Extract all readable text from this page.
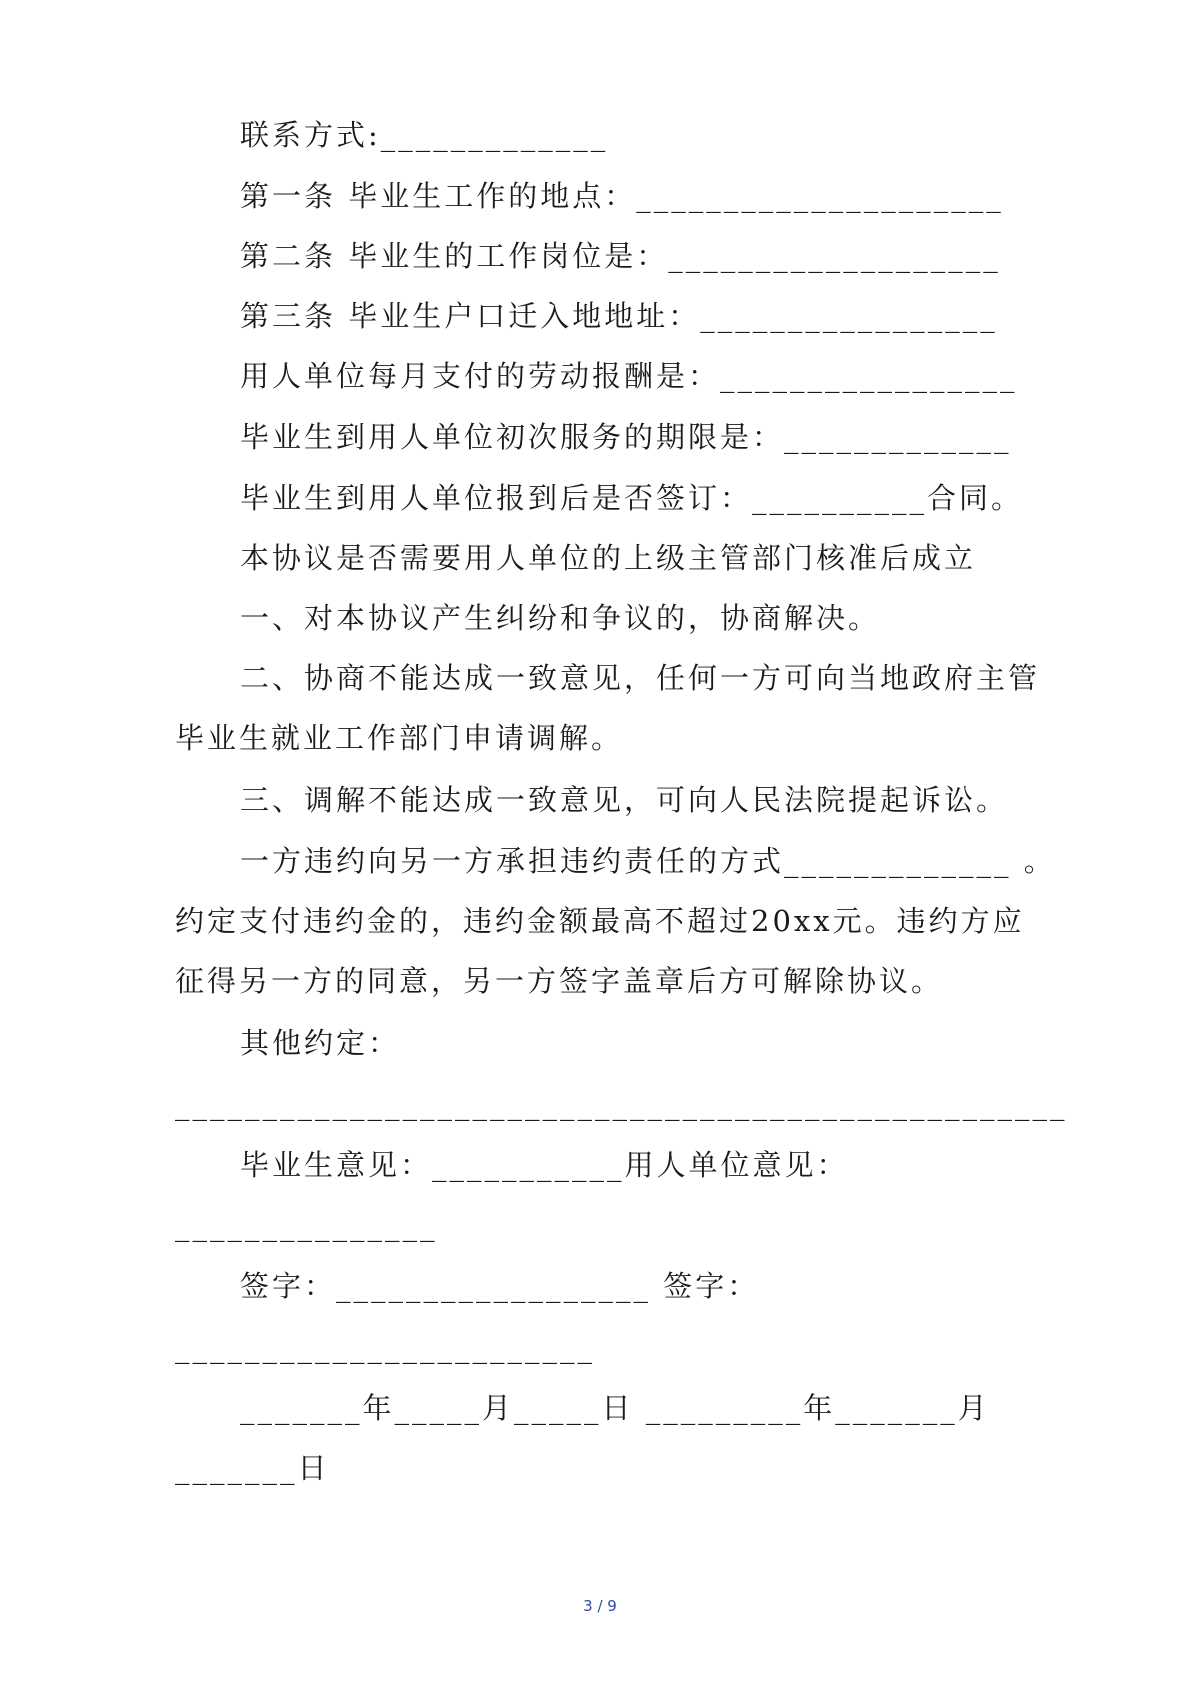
联系方式:_____________
第一条 毕业生工作的地点：_____________________
第二条 毕业生的工作岗位是：___________________
第三条 毕业生户口迁入地地址：_________________
用人单位每月支付的劳动报酬是：_________________
毕业生到用人单位初次服务的期限是：_____________
毕业生到用人单位报到后是否签订：__________合同。
本协议是否需要用人单位的上级主管部门核准后成立
一、对本协议产生纠纷和争议的，协商解决。
二、协商不能达成一致意见，任何一方可向当地政府主管
毕业生就业工作部门申请调解。
三、调解不能达成一致意见，可向人民法院提起诉讼。
一方违约向另一方承担违约责任的方式_____________ 。
约定支付违约金的，违约金额最高不超过20xx元。违约方应
征得另一方的同意，另一方签字盖章后方可解除协议。
其他约定：
___________________________________________________
毕业生意见：___________用人单位意见：
_______________
签字：__________________ 签字：
________________________
_______年_____月_____日 _________年_______月
_______日
3 / 9
